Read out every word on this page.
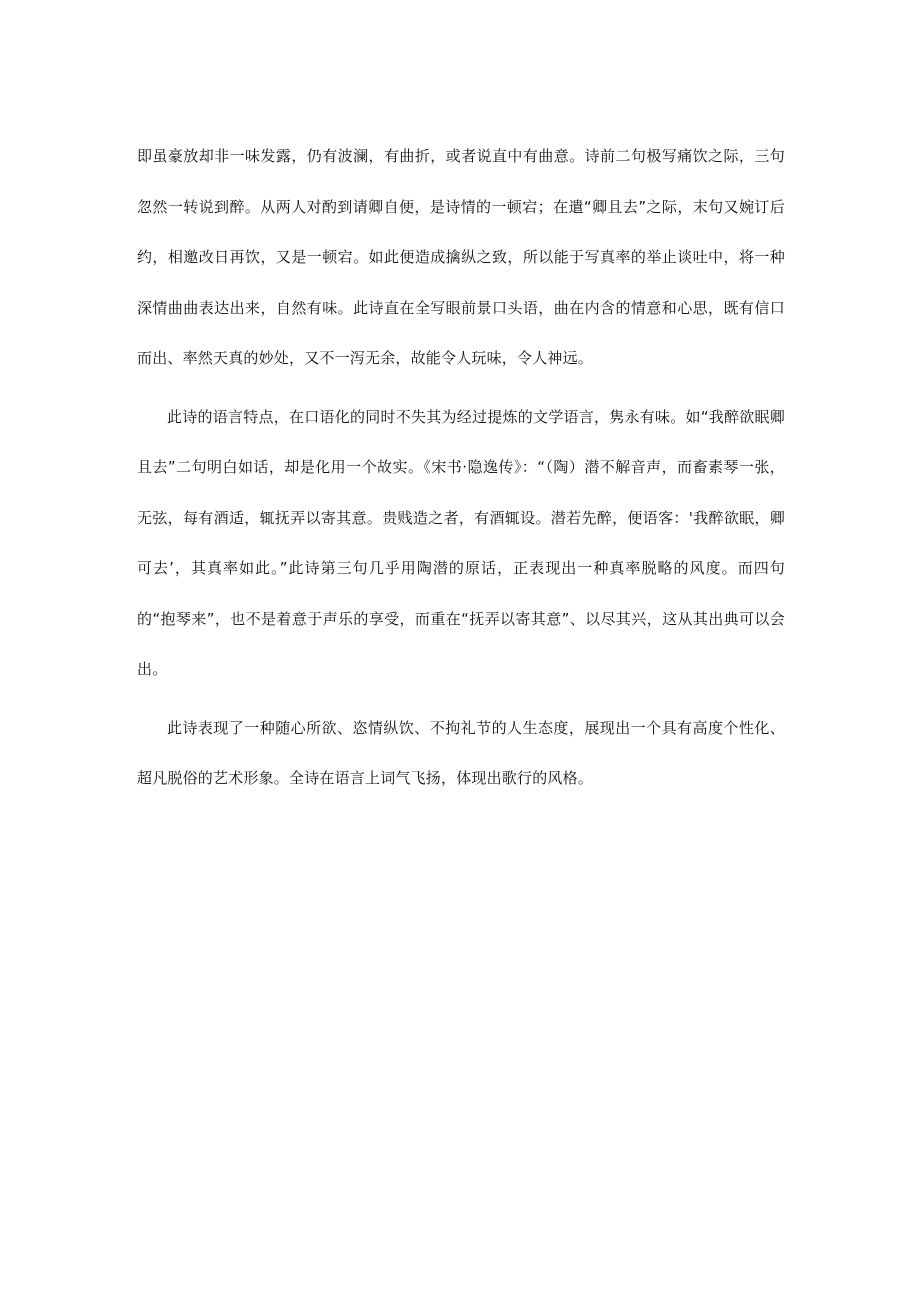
即虽豪放却非一味发露，仍有波澜，有曲折，或者说直中有曲意。诗前二句极写痛饮之际，三句忽然一转说到醉。从两人对酌到请卿自便，是诗情的一顿宕；在遣“卿且去”之际，末句又婉订后约，相邀改日再饮，又是一顿宕。如此便造成擒纵之致，所以能于写真率的举止谈吐中，将一种深情曲曲表达出来，自然有味。此诗直在全写眼前景口头语，曲在内含的情意和心思，既有信口而出、率然天真的妙处，又不一泻无余，故能令人玩味，令人神远。

此诗的语言特点，在口语化的同时不失其为经过提炼的文学语言，隽永有味。如“我醉欲眠卿且去”二句明白如话，却是化用一个故实。《宋书·隐逸传》：“（陶）潜不解音声，而畜素琴一张，无弦，每有酒适，辄抚弄以寄其意。贵贱造之者，有酒辄设。潜若先醉，便语客：'我醉欲眠，卿可去’，其真率如此。”此诗第三句几乎用陶潜的原话，正表现出一种真率脱略的风度。而四句的“抱琴来”，也不是着意于声乐的享受，而重在“抚弄以寄其意”、以尽其兴，这从其出典可以会出。

此诗表现了一种随心所欲、恣情纵饮、不拘礼节的人生态度，展现出一个具有高度个性化、超凡脱俗的艺术形象。全诗在语言上词气飞扬，体现出歌行的风格。
